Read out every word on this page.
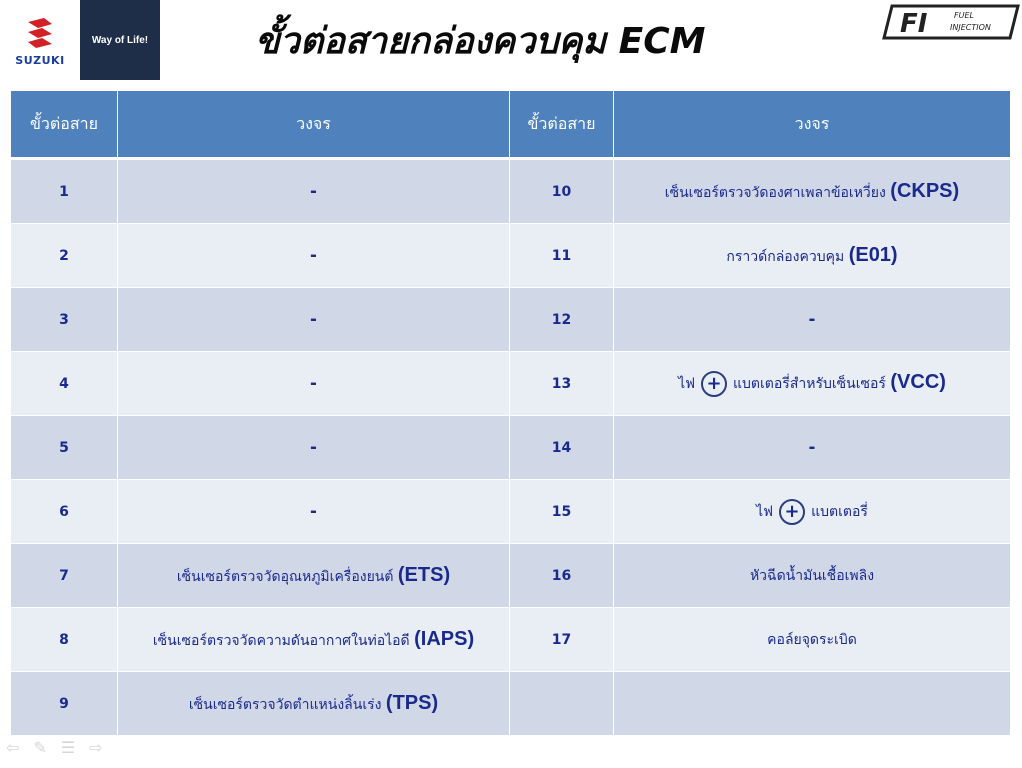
SUZUKI
Way of Life!	ขั้วต่อสายกล่องควบคุม ECM	FI	FUEL
INJECTION
ขั้วต่อสาย	วงจร	ขั้วต่อสาย	วงจร
1	-	10	เซ็นเซอร์ตรวจวัดองศาเพลาข้อเหวี่ยง (CKPS)
2	-	11	กราวด์กล่องควบคุม (E01)
3	-	12	-
4	-	13	ไฟ + แบตเตอรี่สำหรับเซ็นเซอร์ (VCC)
5	-	14	-
6	-	15	ไฟ + แบตเตอรี่
7	เซ็นเซอร์ตรวจวัดอุณหภูมิเครื่องยนต์ (ETS)	16	หัวฉีดน้ำมันเชื้อเพลิง
8	เซ็นเซอร์ตรวจวัดความดันอากาศในท่อไอดี (IAPS)	17	คอล์ยจุดระเบิด
9	เซ็นเซอร์ตรวจวัดตำแหน่งลิ้นเร่ง (TPS)		
⇦ ✎ ☰ ⇨
